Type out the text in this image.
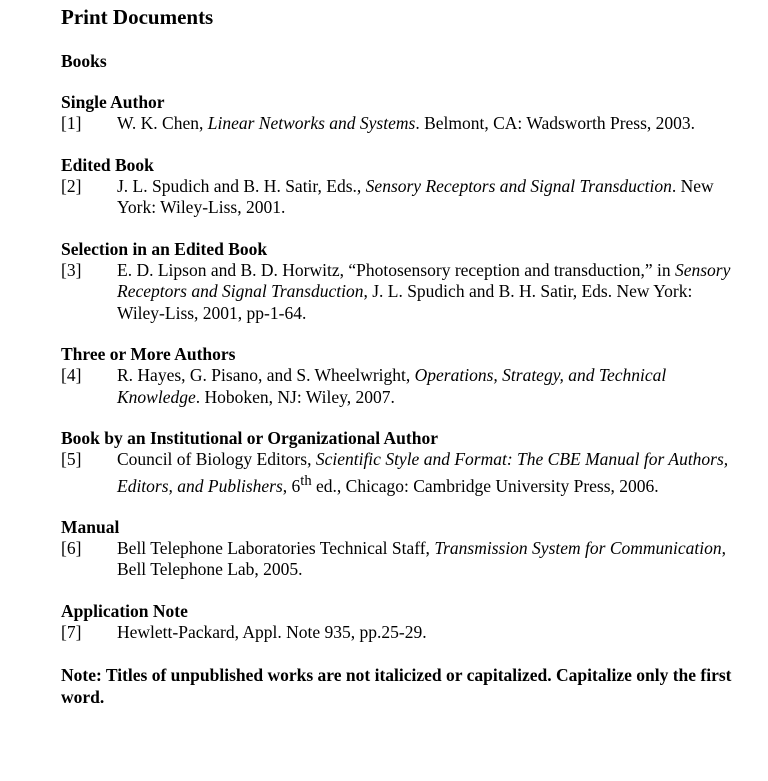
Print Documents
Books
Single Author
[1]	W. K. Chen, Linear Networks and Systems. Belmont, CA: Wadsworth Press, 2003.
Edited Book
[2]	J. L. Spudich and B. H. Satir, Eds., Sensory Receptors and Signal Transduction. New York: Wiley-Liss, 2001.
Selection in an Edited Book
[3]	E. D. Lipson and B. D. Horwitz, “Photosensory reception and transduction,” in Sensory Receptors and Signal Transduction, J. L. Spudich and B. H. Satir, Eds. New York: Wiley-Liss, 2001, pp-1-64.
Three or More Authors
[4]	R. Hayes, G. Pisano, and S. Wheelwright, Operations, Strategy, and Technical Knowledge. Hoboken, NJ: Wiley, 2007.
Book by an Institutional or Organizational Author
[5]	Council of Biology Editors, Scientific Style and Format: The CBE Manual for Authors, Editors, and Publishers, 6th ed., Chicago: Cambridge University Press, 2006.
Manual
[6]	Bell Telephone Laboratories Technical Staff, Transmission System for Communication, Bell Telephone Lab, 2005.
Application Note
[7]	Hewlett-Packard, Appl. Note 935, pp.25-29.
Note: Titles of unpublished works are not italicized or capitalized. Capitalize only the first word.
